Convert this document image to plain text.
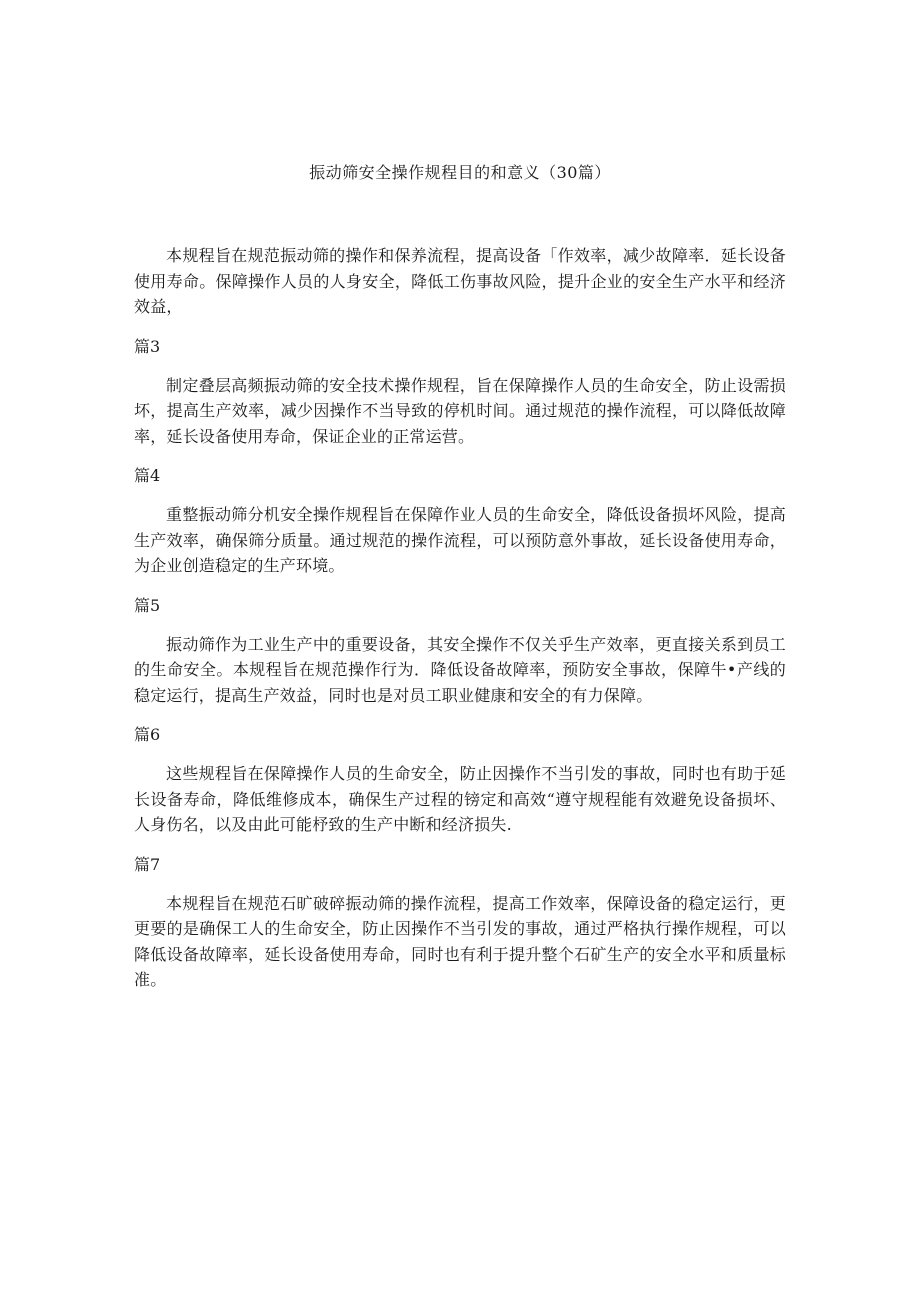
振动筛安全操作规程目的和意义（30篇）

本规程旨在规范振动筛的操作和保养流程，提高设备「作效率，减少故障率．延长设备使用寿命。保障操作人员的人身安全，降低工伤事故风险，提升企业的安全生产水平和经济效益，

篇3

制定叠层高频振动筛的安全技术操作规程，旨在保障操作人员的生命安全，防止设需损坏，提高生产效率，减少因操作不当导致的停机时间。通过规范的操作流程，可以降低故障率，延长设备使用寿命，保证企业的正常运营。

篇4

重整振动筛分机安全操作规程旨在保障作业人员的生命安全，降低设备损坏风险，提高生产效率，确保筛分质量。通过规范的操作流程，可以预防意外事故，延长设备使用寿命，为企业创造稳定的生产环境。

篇5

振动筛作为工业生产中的重要设备，其安全操作不仅关乎生产效率，更直接关系到员工的生命安全。本规程旨在规范操作行为．降低设备故障率，预防安全事故，保障牛•产线的稳定运行，提高生产效益，同时也是对员工职业健康和安全的有力保障。

篇6

这些规程旨在保障操作人员的生命安全，防止因操作不当引发的事故，同时也有助于延长设备寿命，降低维修成本，确保生产过程的镑定和高效“遵守规程能有效避免设备损坏、人身伤名，以及由此可能杼致的生产中断和经济损失.

篇7

本规程旨在规范石旷破碎振动筛的操作流程，提高工作效率，保障设备的稳定运行，更更要的是确保工人的生命安全，防止因操作不当引发的事故，通过严格执行操作规程，可以降低设备故障率，延长设备使用寿命，同时也有利于提升整个石矿生产的安全水平和质量标准。
